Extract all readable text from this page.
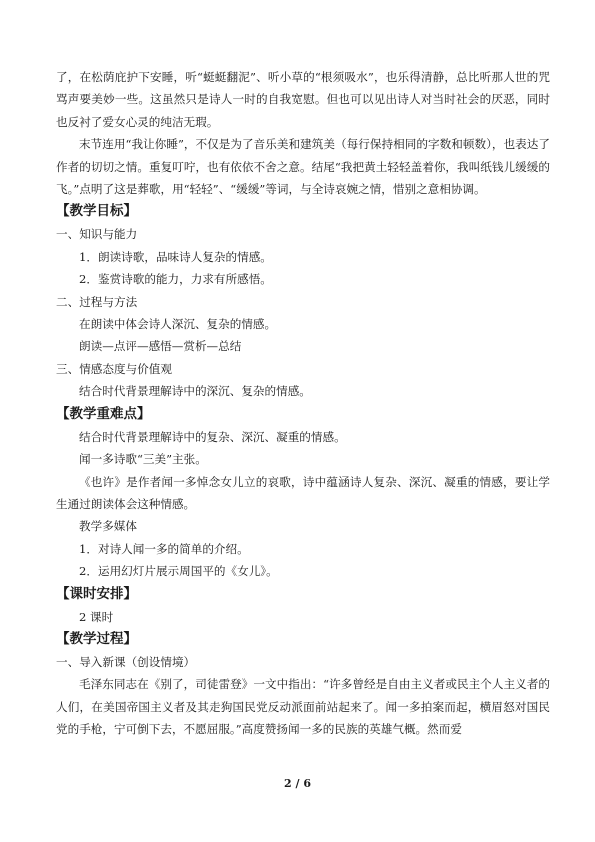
了，在松荫庇护下安睡，听“蜓蜓翻泥”、听小草的“根须吸水”，也乐得清静，总比听那人世的咒骂声要美妙一些。这虽然只是诗人一时的自我宽慰。但也可以见出诗人对当时社会的厌恶，同时也反衬了爱女心灵的纯洁无瑕。

末节连用“我让你睡”，不仅是为了音乐美和建筑美（每行保持相同的字数和顿数），也表达了作者的切切之情。重复叮咛，也有依依不舍之意。结尾“我把黄土轻轻盖着你，我叫纸钱儿缓缓的飞。”点明了这是葬歌，用“轻轻”、“缓缓”等词，与全诗哀婉之情，惜别之意相协调。

【教学目标】

一、知识与能力

1．朗读诗歌，品味诗人复杂的情感。

2．鉴赏诗歌的能力，力求有所感悟。

二、过程与方法

在朗读中体会诗人深沉、复杂的情感。

朗读—点评—感悟—赏析—总结

三、情感态度与价值观

结合时代背景理解诗中的深沉、复杂的情感。

【教学重难点】

结合时代背景理解诗中的复杂、深沉、凝重的情感。

闻一多诗歌“三美”主张。

《也许》是作者闻一多悼念女儿立的哀歌，诗中蕴涵诗人复杂、深沉、凝重的情感，要让学生通过朗读体会这种情感。

教学多媒体

1．对诗人闻一多的简单的介绍。

2．运用幻灯片展示周国平的《女儿》。

【课时安排】

2 课时

【教学过程】

一、导入新课（创设情境）

毛泽东同志在《别了，司徒雷登》一文中指出：“许多曾经是自由主义者或民主个人主义者的人们，在美国帝国主义者及其走狗国民党反动派面前站起来了。闻一多拍案而起，横眉怒对国民党的手枪，宁可倒下去，不愿屈服。”高度赞扬闻一多的民族的英雄气概。然而爱

2 / 6
